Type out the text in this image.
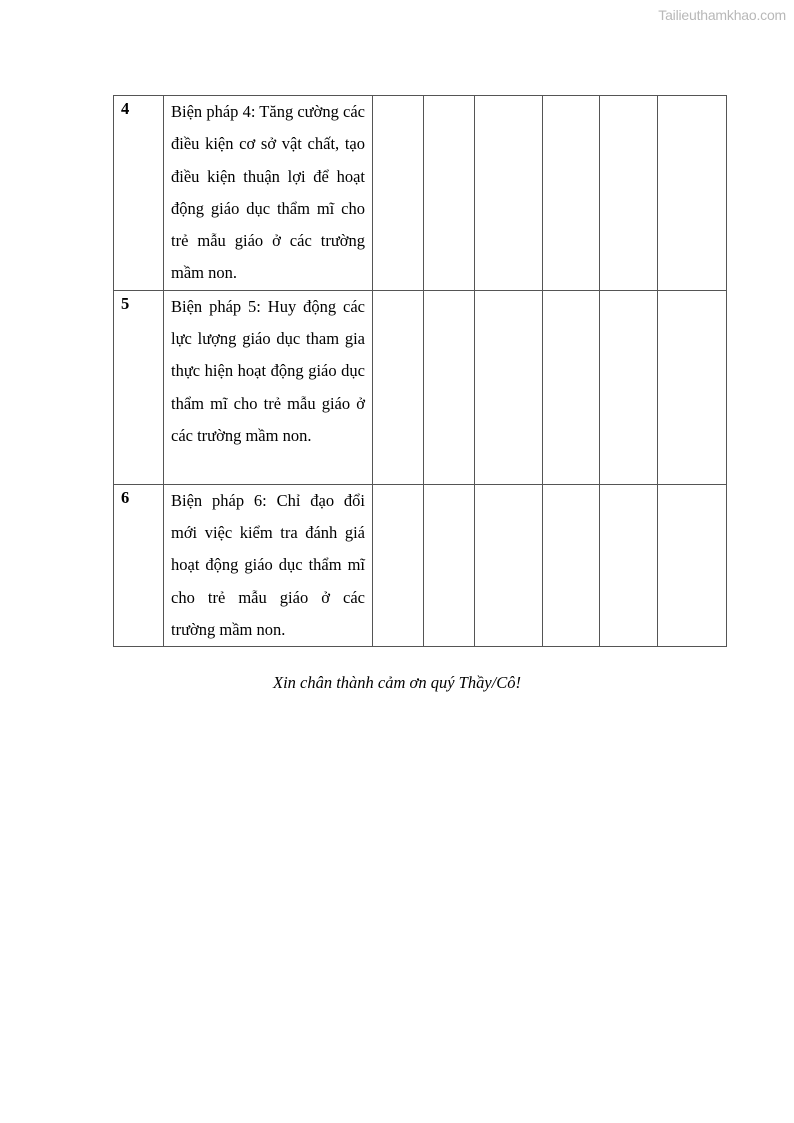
Tailieuthamkhao.com
4	Biện pháp 4: Tăng cường các điều kiện cơ sở vật chất, tạo điều kiện thuận lợi để hoạt động giáo dục thẩm mĩ cho trẻ mẫu giáo ở các trường mầm non.						

5	Biện pháp 5: Huy động các lực lượng giáo dục tham gia thực hiện hoạt động giáo dục thẩm mĩ cho trẻ mẫu giáo ở các trường mầm non.						

6	Biện pháp 6: Chỉ đạo đổi mới việc kiểm tra đánh giá hoạt động giáo dục thẩm mĩ cho trẻ mẫu giáo ở các trường mầm non.						

Xin chân thành cảm ơn quý Thầy/Cô!
